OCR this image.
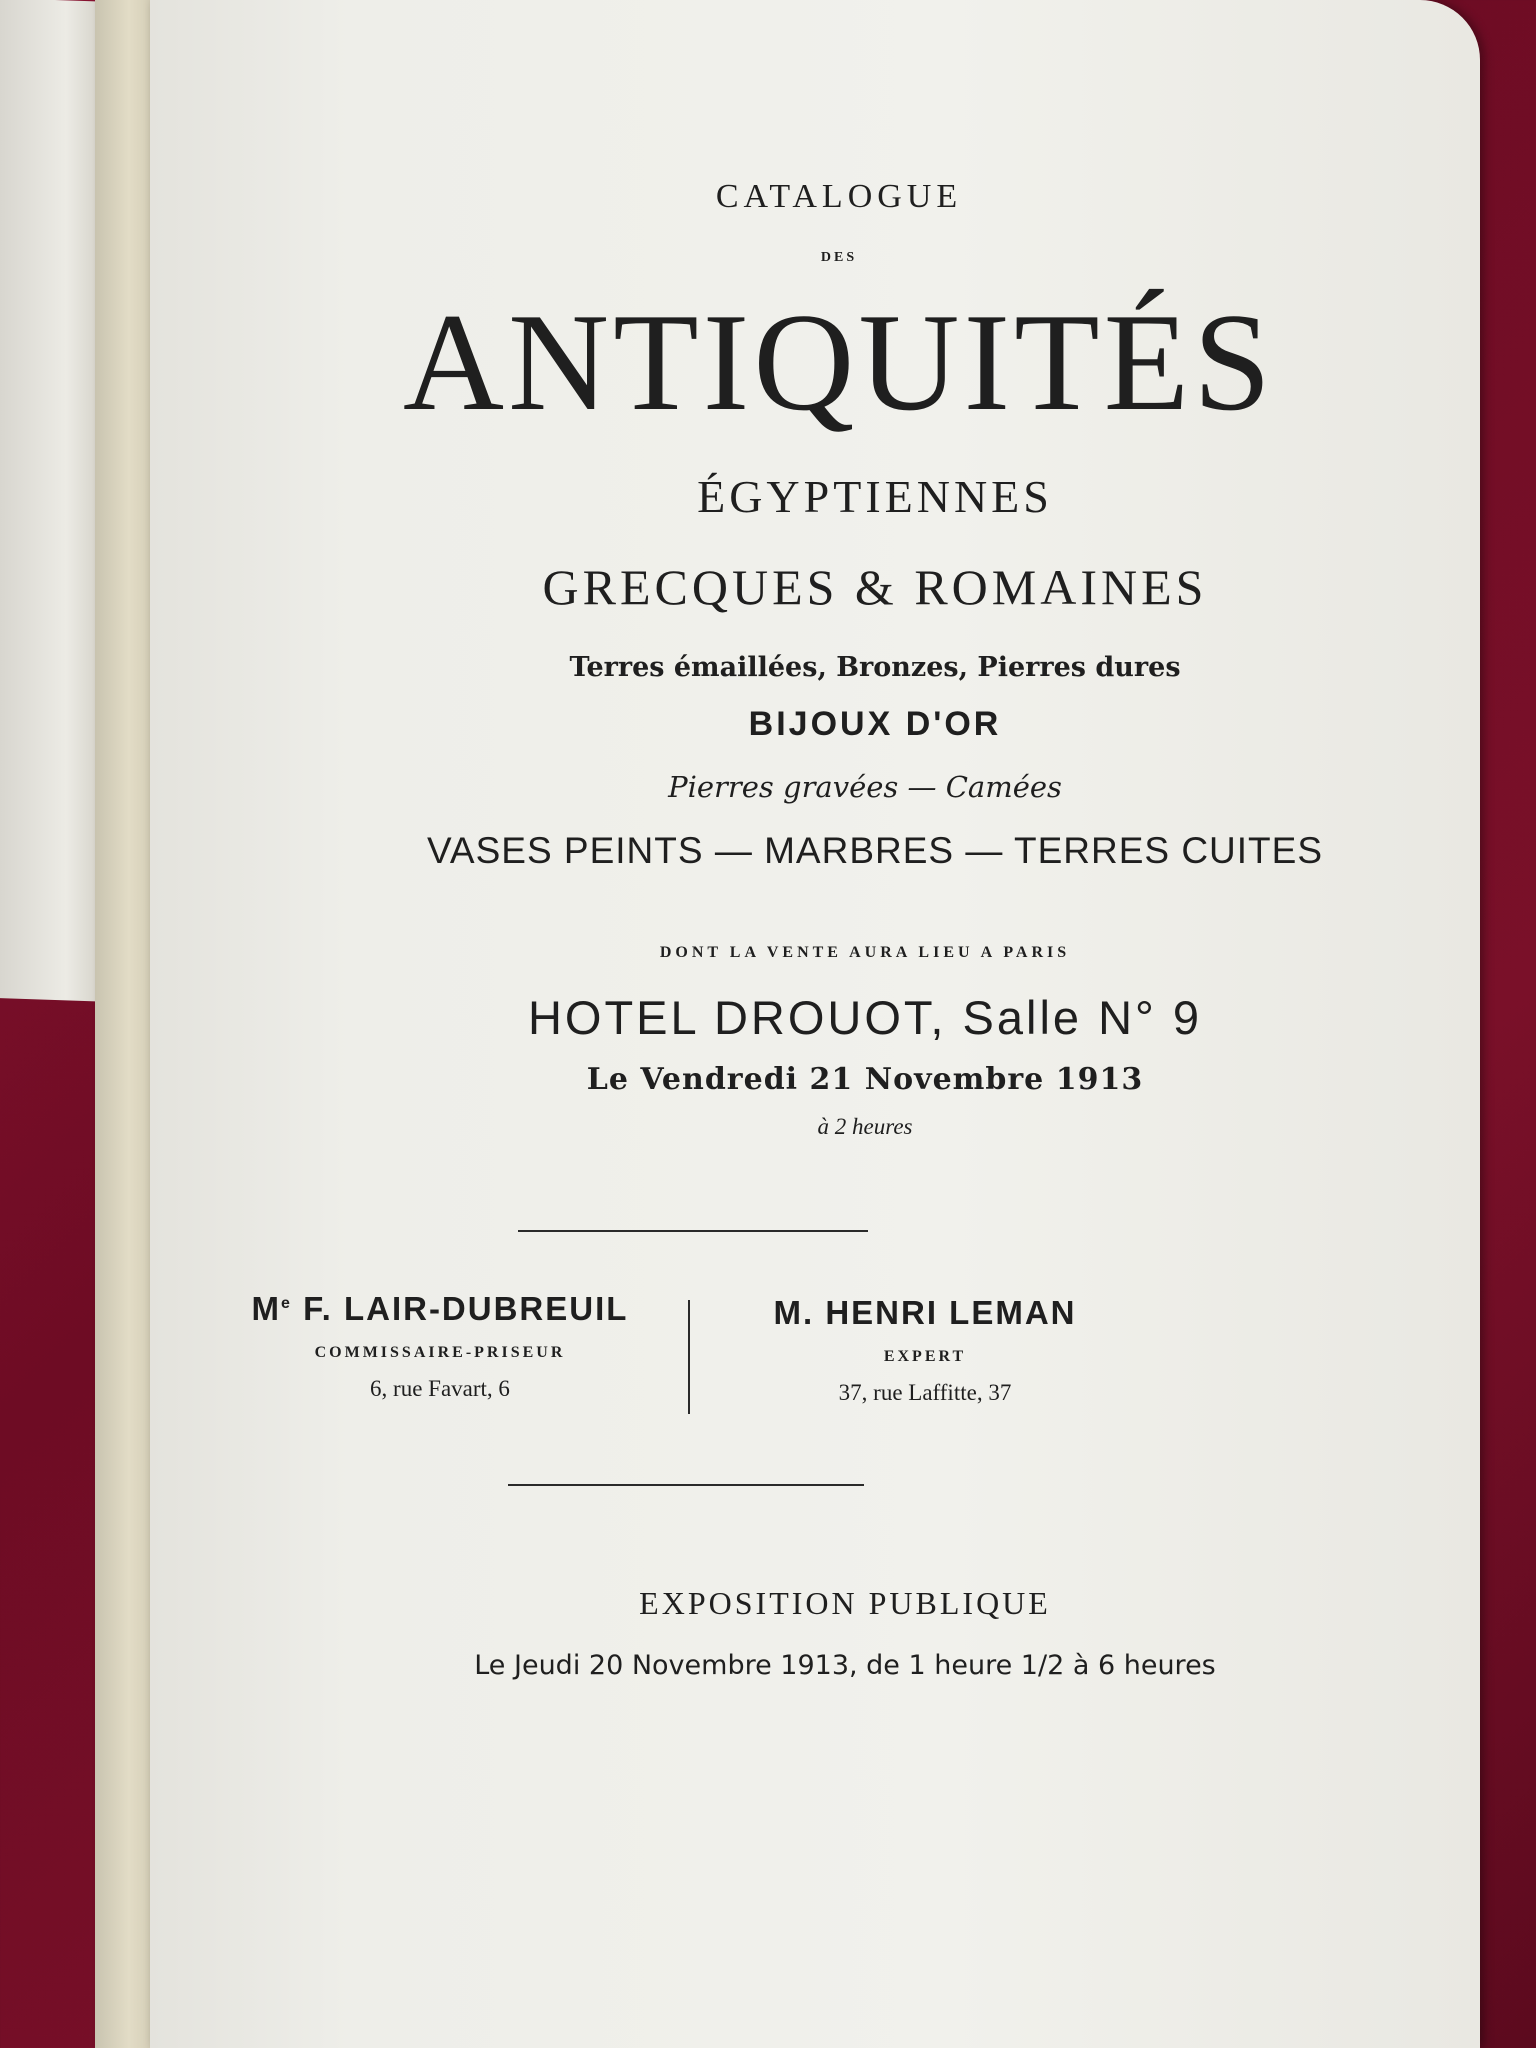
CATALOGUE
DES
ANTIQUITÉS
ÉGYPTIENNES
GRECQUES & ROMAINES
Terres émaillées, Bronzes, Pierres dures
BIJOUX D'OR
Pierres gravées — Camées
VASES PEINTS — MARBRES — TERRES CUITES
DONT LA VENTE AURA LIEU A PARIS
HOTEL DROUOT, Salle N° 9
Le Vendredi 21 Novembre 1913
à 2 heures
Me F. LAIR-DUBREUIL
COMMISSAIRE-PRISEUR
6, rue Favart, 6
M. HENRI LEMAN
EXPERT
37, rue Laffitte, 37
EXPOSITION PUBLIQUE
Le Jeudi 20 Novembre 1913, de 1 heure 1/2 à 6 heures
